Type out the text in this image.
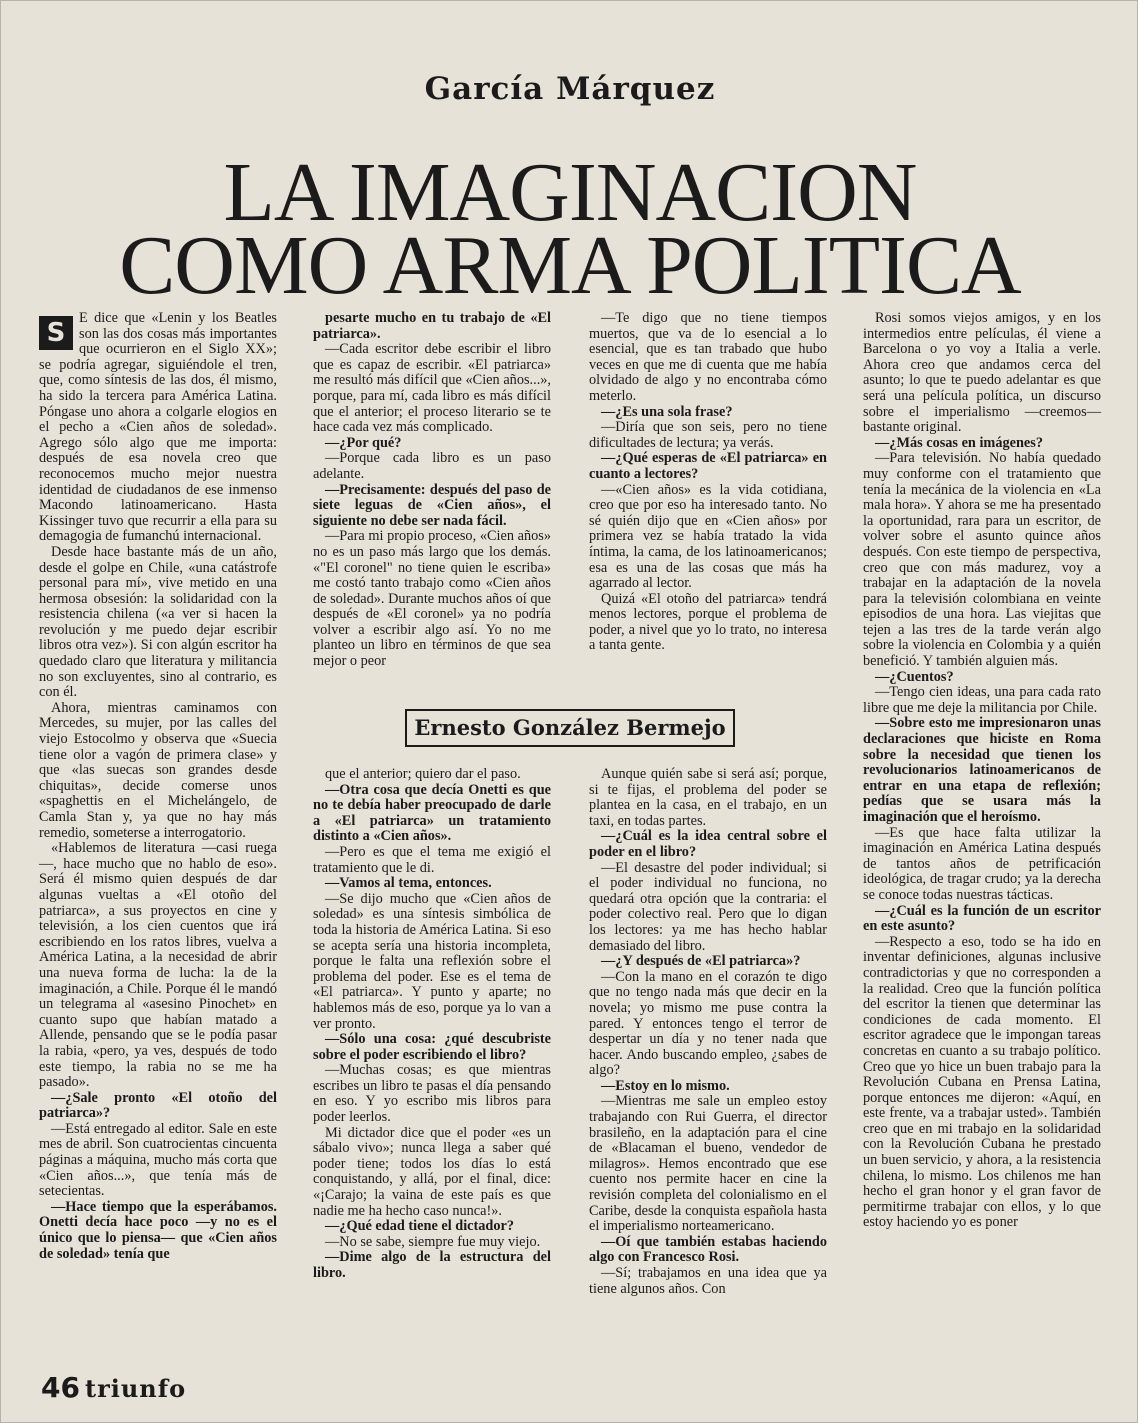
García Márquez
LA IMAGINACION
COMO ARMA POLITICA

S E dice que «Lenin y los Beatles son las dos cosas más importantes que ocurrieron en el Siglo XX»; se podría agregar, siguiéndole el tren, que, como síntesis de las dos, él mismo, ha sido la tercera para América Latina. Póngase uno ahora a colgarle elogios en el pecho a «Cien años de soledad». Agrego sólo algo que me importa: después de esa novela creo que reconocemos mucho mejor nuestra identidad de ciudadanos de ese inmenso Macondo latinoamericano. Hasta Kissinger tuvo que recurrir a ella para su demagogia de fumanchú internacional.

Desde hace bastante más de un año, desde el golpe en Chile, «una catástrofe personal para mí», vive metido en una hermosa obsesión: la solidaridad con la resistencia chilena («a ver si hacen la revolución y me puedo dejar escribir libros otra vez»). Si con algún escritor ha quedado claro que literatura y militancia no son excluyentes, sino al contrario, es con él.

Ahora, mientras caminamos con Mercedes, su mujer, por las calles del viejo Estocolmo y observa que «Suecia tiene olor a vagón de primera clase» y que «las suecas son grandes desde chiquitas», decide comerse unos «spaghettis en el Michelángelo, de Camla Stan y, ya que no hay más remedio, someterse a interrogatorio.

«Hablemos de literatura —casi ruega—, hace mucho que no hablo de eso». Será él mismo quien después de dar algunas vueltas a «El otoño del patriarca», a sus proyectos en cine y televisión, a los cien cuentos que irá escribiendo en los ratos libres, vuelva a América Latina, a la necesidad de abrir una nueva forma de lucha: la de la imaginación, a Chile. Porque él le mandó un telegrama al «asesino Pinochet» en cuanto supo que habían matado a Allende, pensando que se le podía pasar la rabia, «pero, ya ves, después de todo este tiempo, la rabia no se me ha pasado».

—¿Sale pronto «El otoño del patriarca»?

—Está entregado al editor. Sale en este mes de abril. Son cuatrocientas cincuenta páginas a máquina, mucho más corta que «Cien años...», que tenía más de setecientas.

—Hace tiempo que la esperábamos. Onetti decía hace poco —y no es el único que lo piensa— que «Cien años de soledad» tenía que

pesarte mucho en tu trabajo de «El patriarca».

—Cada escritor debe escribir el libro que es capaz de escribir. «El patriarca» me resultó más difícil que «Cien años...», porque, para mí, cada libro es más difícil que el anterior; el proceso literario se te hace cada vez más complicado.

—¿Por qué?

—Porque cada libro es un paso adelante.

—Precisamente: después del paso de siete leguas de «Cien años», el siguiente no debe ser nada fácil.

—Para mi propio proceso, «Cien años» no es un paso más largo que los demás. «"El coronel" no tiene quien le escriba» me costó tanto trabajo como «Cien años de soledad». Durante muchos años oí que después de «El coronel» ya no podría volver a escribir algo así. Yo no me planteo un libro en términos de que sea mejor o peor

—Te digo que no tiene tiempos muertos, que va de lo esencial a lo esencial, que es tan trabado que hubo veces en que me di cuenta que me había olvidado de algo y no encontraba cómo meterlo.

—¿Es una sola frase?

—Diría que son seis, pero no tiene dificultades de lectura; ya verás.

—¿Qué esperas de «El patriarca» en cuanto a lectores?

—«Cien años» es la vida cotidiana, creo que por eso ha interesado tanto. No sé quién dijo que en «Cien años» por primera vez se había tratado la vida íntima, la cama, de los latinoamericanos; esa es una de las cosas que más ha agarrado al lector.

Quizá «El otoño del patriarca» tendrá menos lectores, porque el problema de poder, a nivel que yo lo trato, no interesa a tanta gente.

Rosi somos viejos amigos, y en los intermedios entre películas, él viene a Barcelona o yo voy a Italia a verle. Ahora creo que andamos cerca del asunto; lo que te puedo adelantar es que será una película política, un discurso sobre el imperialismo —creemos— bastante original.

—¿Más cosas en imágenes?

—Para televisión. No había quedado muy conforme con el tratamiento que tenía la mecánica de la violencia en «La mala hora». Y ahora se me ha presentado la oportunidad, rara para un escritor, de volver sobre el asunto quince años después. Con este tiempo de perspectiva, creo que con más madurez, voy a trabajar en la adaptación de la novela para la televisión colombiana en veinte episodios de una hora. Las viejitas que tejen a las tres de la tarde verán algo sobre la violencia en Colombia y a quién benefició. Y también alguien más.

—¿Cuentos?

—Tengo cien ideas, una para cada rato libre que me deje la militancia por Chile.

—Sobre esto me impresionaron unas declaraciones que hiciste en Roma sobre la necesidad que tienen los revolucionarios latinoamericanos de entrar en una etapa de reflexión; pedías que se usara más la imaginación que el heroísmo.

—Es que hace falta utilizar la imaginación en América Latina después de tantos años de petrificación ideológica, de tragar crudo; ya la derecha se conoce todas nuestras tácticas.

—¿Cuál es la función de un escritor en este asunto?

—Respecto a eso, todo se ha ido en inventar definiciones, algunas inclusive contradictorias y que no corresponden a la realidad. Creo que la función política del escritor la tienen que determinar las condiciones de cada momento. El escritor agradece que le impongan tareas concretas en cuanto a su trabajo político. Creo que yo hice un buen trabajo para la Revolución Cubana en Prensa Latina, porque entonces me dijeron: «Aquí, en este frente, va a trabajar usted». También creo que en mi trabajo en la solidaridad con la Revolución Cubana he prestado un buen servicio, y ahora, a la resistencia chilena, lo mismo. Los chilenos me han hecho el gran honor y el gran favor de permitirme trabajar con ellos, y lo que estoy haciendo yo es poner

Ernesto González Bermejo

que el anterior; quiero dar el paso.

—Otra cosa que decía Onetti es que no te debía haber preocupado de darle a «El patriarca» un tratamiento distinto a «Cien años».

—Pero es que el tema me exigió el tratamiento que le di.

—Vamos al tema, entonces.

—Se dijo mucho que «Cien años de soledad» es una síntesis simbólica de toda la historia de América Latina. Si eso se acepta sería una historia incompleta, porque le falta una reflexión sobre el problema del poder. Ese es el tema de «El patriarca». Y punto y aparte; no hablemos más de eso, porque ya lo van a ver pronto.

—Sólo una cosa: ¿qué descubriste sobre el poder escribiendo el libro?

—Muchas cosas; es que mientras escribes un libro te pasas el día pensando en eso. Y yo escribo mis libros para poder leerlos.

Mi dictador dice que el poder «es un sábalo vivo»; nunca llega a saber qué poder tiene; todos los días lo está conquistando, y allá, por el final, dice: «¡Carajo; la vaina de este país es que nadie me ha hecho caso nunca!».

—¿Qué edad tiene el dictador?

—No se sabe, siempre fue muy viejo.

—Dime algo de la estructura del libro.

Aunque quién sabe si será así; porque, si te fijas, el problema del poder se plantea en la casa, en el trabajo, en un taxi, en todas partes.

—¿Cuál es la idea central sobre el poder en el libro?

—El desastre del poder individual; si el poder individual no funciona, no quedará otra opción que la contraria: el poder colectivo real. Pero que lo digan los lectores: ya me has hecho hablar demasiado del libro.

—¿Y después de «El patriarca»?

—Con la mano en el corazón te digo que no tengo nada más que decir en la novela; yo mismo me puse contra la pared. Y entonces tengo el terror de despertar un día y no tener nada que hacer. Ando buscando empleo, ¿sabes de algo?

—Estoy en lo mismo.

—Mientras me sale un empleo estoy trabajando con Rui Guerra, el director brasileño, en la adaptación para el cine de «Blacaman el bueno, vendedor de milagros». Hemos encontrado que ese cuento nos permite hacer en cine la revisión completa del colonialismo en el Caribe, desde la conquista española hasta el imperialismo norteamericano.

—Oí que también estabas haciendo algo con Francesco Rosi.

—Sí; trabajamos en una idea que ya tiene algunos años. Con

46 triunfo
